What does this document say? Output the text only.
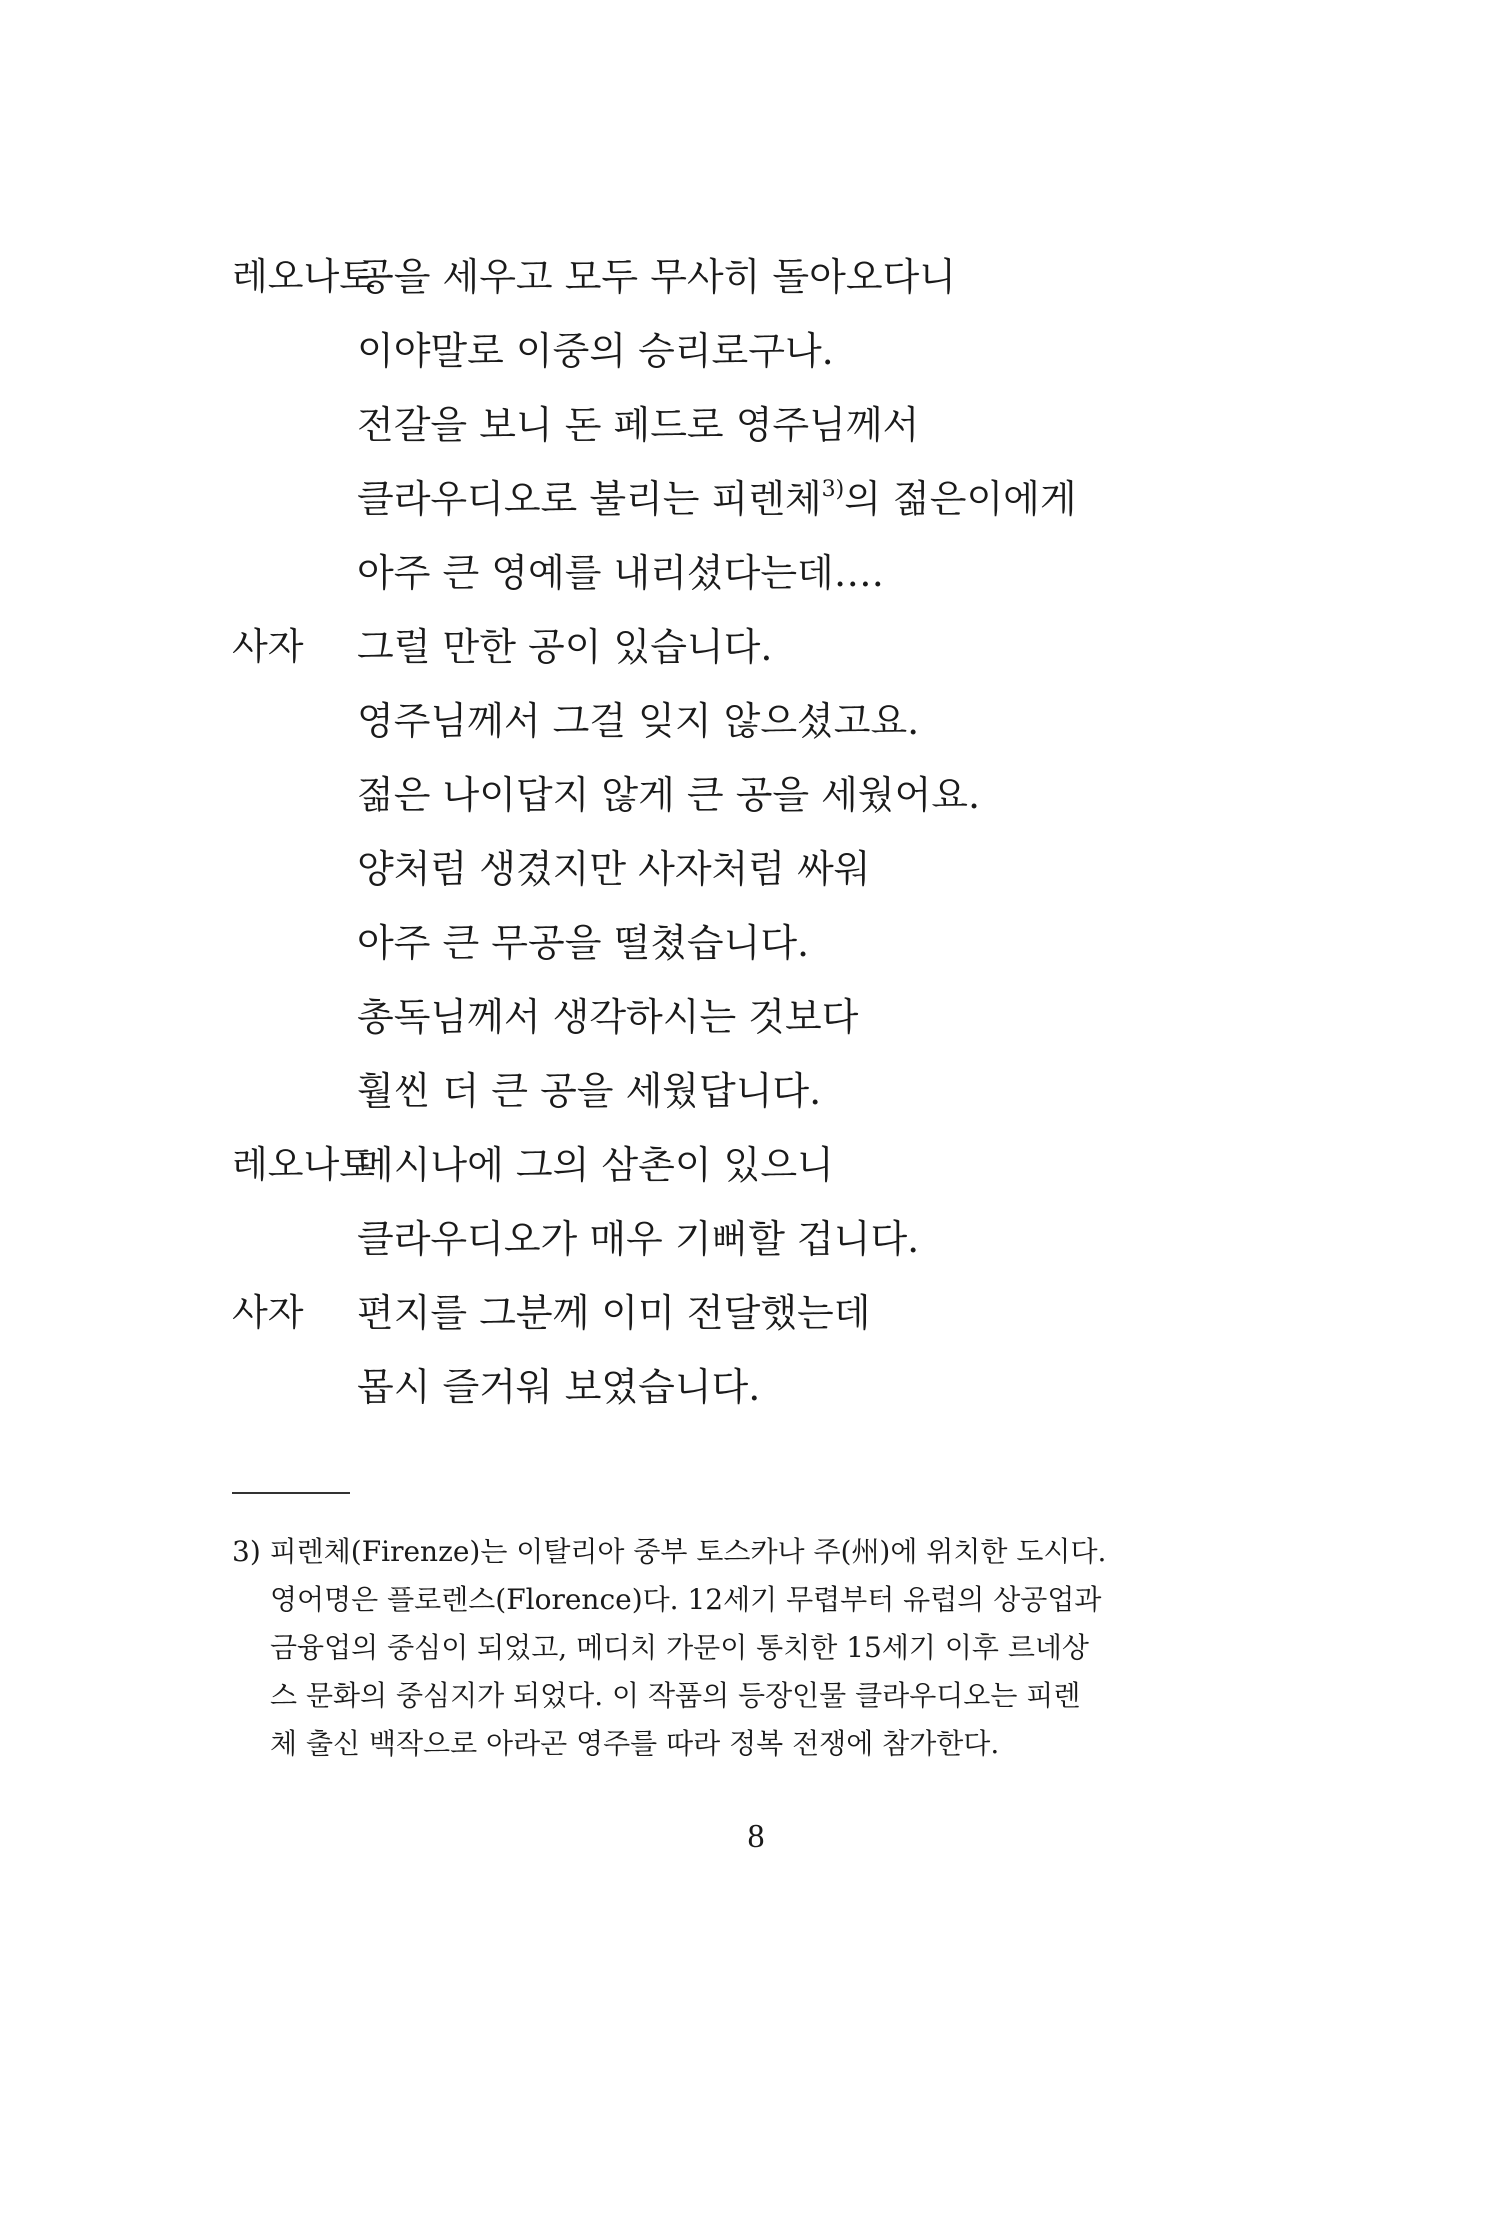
레오나토
공을 세우고 모두 무사히 돌아오다니
이야말로 이중의 승리로구나.
전갈을 보니 돈 페드로 영주님께서
클라우디오로 불리는 피렌체$^{3)}$의 젊은이에게
아주 큰 영예를 내리셨다는데….
사자 그럴 만한 공이 있습니다.
영주님께서 그걸 잊지 않으셨고요.
젊은 나이답지 않게 큰 공을 세웠어요.
양처럼 생겼지만 사자처럼 싸워
아주 큰 무공을 떨쳤습니다.
총독님께서 생각하시는 것보다
훨씬 더 큰 공을 세웠답니다.
레오나토
메시나에 그의 삼촌이 있으니
클라우디오가 매우 기뻐할 겁니다.
사자 편지를 그분께 이미 전달했는데
몹시 즐거워 보였습니다.
3) 피렌체(Firenze)는 이탈리아 중부 토스카나 주(州)에 위치한 도시다.
영어명은 플로렌스(Florence)다. 12세기 무렵부터 유럽의 상공업과
금융업의 중심이 되었고, 메디치 가문이 통치한 15세기 이후 르네상
스 문화의 중심지가 되었다. 이 작품의 등장인물 클라우디오는 피렌
체 출신 백작으로 아라곤 영주를 따라 정복 전쟁에 참가한다.
8
